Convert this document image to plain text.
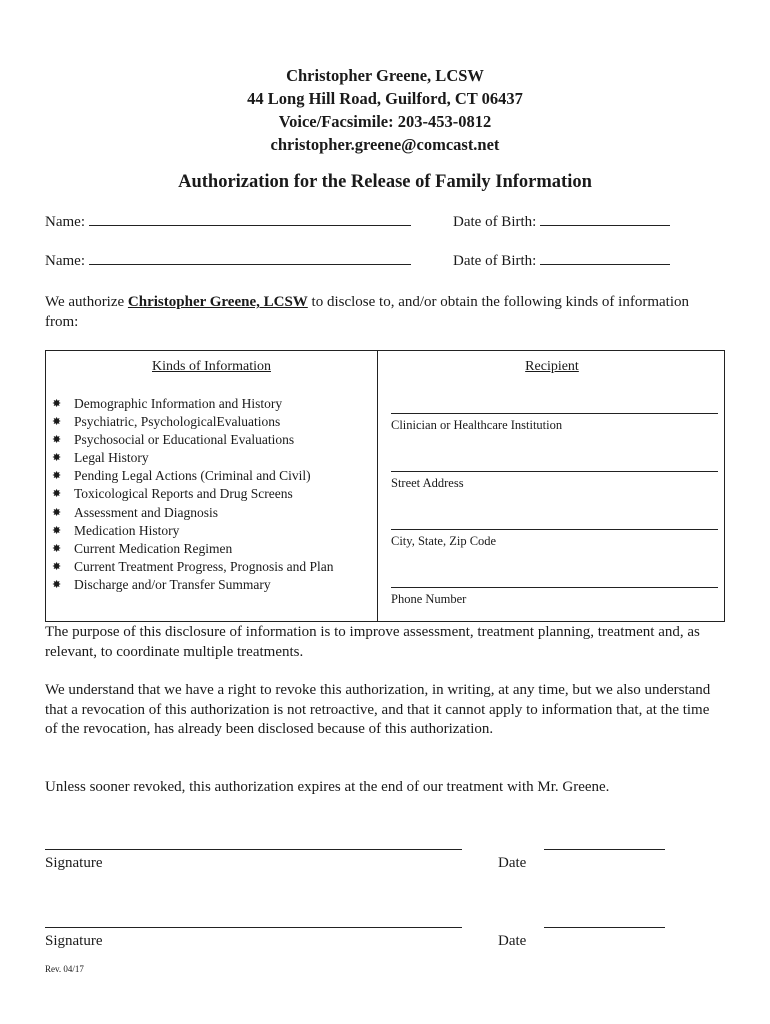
Christopher Greene, LCSW
44 Long Hill Road, Guilford, CT 06437
Voice/Facsimile: 203-453-0812
christopher.greene@comcast.net
Authorization for the Release of Family Information
Name:	Date of Birth:
Name:	Date of Birth:
We authorize Christopher Greene, LCSW to disclose to, and/or obtain the following kinds of information from:
Kinds of Information	Recipient
✸ Demographic Information and History
✸ Psychiatric, PsychologicalEvaluations
✸ Psychosocial or Educational Evaluations
✸ Legal History
✸ Pending Legal Actions (Criminal and Civil)
✸ Toxicological Reports and Drug Screens
✸ Assessment and Diagnosis
✸ Medication History
✸ Current Medication Regimen
✸ Current Treatment Progress, Prognosis and Plan
✸ Discharge and/or Transfer Summary
Clinician or Healthcare Institution
Street Address
City, State, Zip Code
Phone Number
The purpose of this disclosure of information is to improve assessment, treatment planning, treatment and, as relevant, to coordinate multiple treatments.
We understand that we have a right to revoke this authorization, in writing, at any time, but we also understand that a revocation of this authorization is not retroactive, and that it cannot apply to information that, at the time of the revocation, has already been disclosed because of this authorization.
Unless sooner revoked, this authorization expires at the end of our treatment with Mr. Greene.
Signature	Date
Signature	Date
Rev. 04/17
